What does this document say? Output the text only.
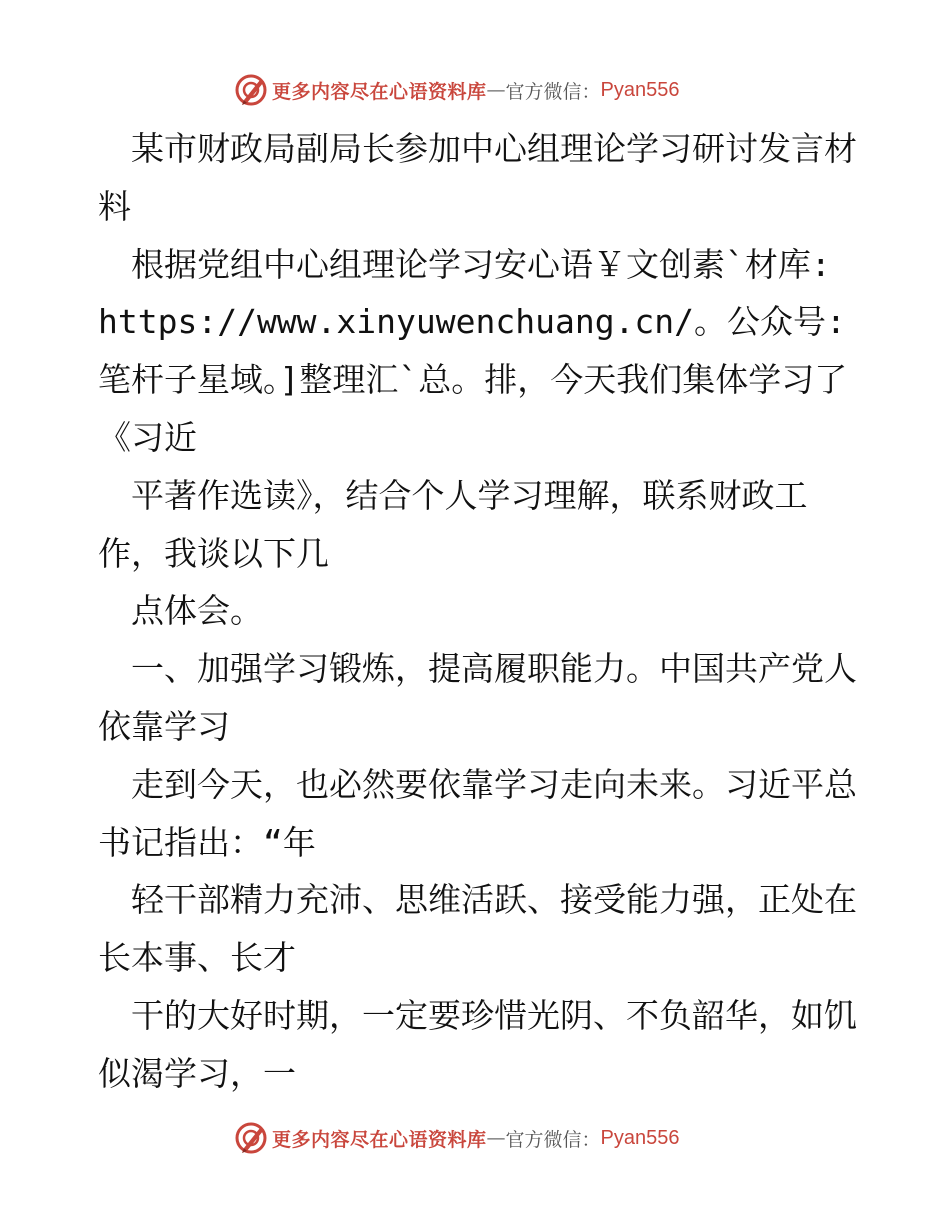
更多内容尽在心语资料库 — 官方微信： Pyan556

某市财政局副局长参加中心组理论学习研讨发言材料

根据党组中心组理论学习安心语￥文创素`材库: https://www.xinyuwenchuang.cn/。公众号:笔杆子星域。]整理汇`总。排，今天我们集体学习了《习近

平著作选读》，结合个人学习理解，联系财政工作，我谈以下几

点体会。

一、加强学习锻炼，提高履职能力。中国共产党人依靠学习

走到今天，也必然要依靠学习走向未来。习近平总书记指出：“年

轻干部精力充沛、思维活跃、接受能力强，正处在长本事、长才

干的大好时期，一定要珍惜光阴、不负韶华，如饥似渴学习，一

更多内容尽在心语资料库 — 官方微信： Pyan556
